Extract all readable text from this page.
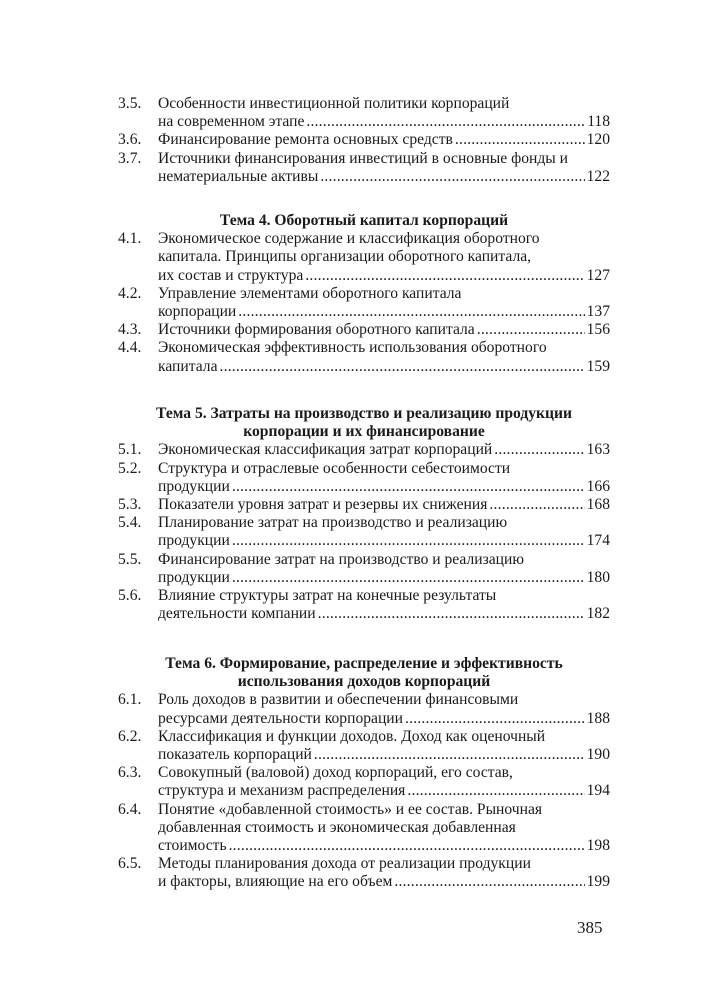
385
3.5.	Особенности инвестиционной политики корпораций
на современном этапе .....	118
3.6.	Финансирование ремонта основных средств .....	120
3.7.	Источники финансирования инвестиций в основные фонды и
нематериальные активы .....	122
Тема 4. Оборотный капитал корпораций
4.1.	Экономическое содержание и классификация оборотного
капитала. Принципы организации оборотного капитала,
их состав и структура .....	127
4.2.	Управление элементами оборотного капитала
корпорации .....	137
4.3.	Источники формирования оборотного капитала .....	156
4.4.	Экономическая эффективность использования оборотного
капитала .....	159
Тема 5. Затраты на производство и реализацию продукции
корпорации и их финансирование
5.1.	Экономическая классификация затрат корпораций .....	163
5.2.	Структура и отраслевые особенности себестоимости
продукции .....	166
5.3.	Показатели уровня затрат и резервы их снижения .....	168
5.4.	Планирование затрат на производство и реализацию
продукции .....	174
5.5.	Финансирование затрат на производство и реализацию
продукции .....	180
5.6.	Влияние структуры затрат на конечные результаты
деятельности компании .....	182
Тема 6. Формирование, распределение и эффективность
использования доходов корпораций
6.1.	Роль доходов в развитии и обеспечении финансовыми
ресурсами деятельности корпорации .....	188
6.2.	Классификация и функции доходов. Доход как оценочный
показатель корпораций .....	190
6.3.	Совокупный (валовой) доход корпораций, его состав,
структура и механизм распределения .....	194
6.4.	Понятие «добавленной стоимость» и ее состав. Рыночная
добавленная стоимость и экономическая добавленная
стоимость .....	198
6.5.	Методы планирования дохода от реализации продукции
и факторы, влияющие на его объем .....	199
